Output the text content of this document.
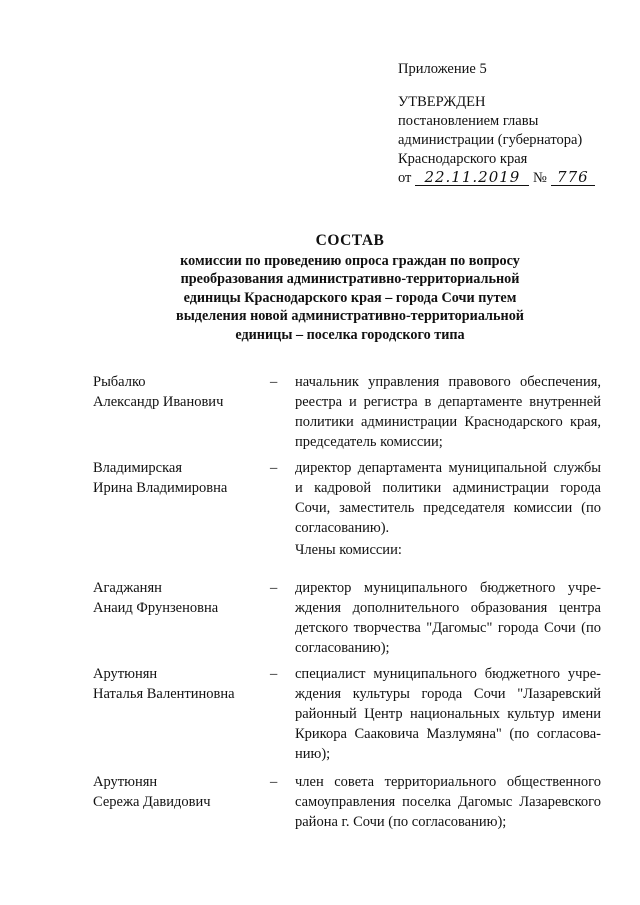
Приложение 5
УТВЕРЖДЕН
постановлением главы
администрации (губернатора)
Краснодарского края
от 22.11.2019 № 776
СОСТАВ
комиссии по проведению опроса граждан по вопросу
преобразования административно-территориальной
единицы Краснодарского края – города Сочи путем
выделения новой административно-территориальной
единицы – поселка городского типа
Рыбалко
Александр Иванович
– начальник управления правового обеспечения,
реестра и регистра в департаменте внутренней
политики администрации Краснодарского края,
председатель комиссии;
Владимирская
Ирина Владимировна
– директор департамента муниципальной службы
и кадровой политики администрации города
Сочи, заместитель председателя комиссии (по
согласованию).
Члены комиссии:
Агаджанян
Анаид Фрунзеновна
– директор муниципального бюджетного учре-
ждения дополнительного образования центра
детского творчества "Дагомыс" города Сочи (по
согласованию);
Арутюнян
Наталья Валентиновна
– специалист муниципального бюджетного учре-
ждения культуры города Сочи "Лазаревский
районный Центр национальных культур имени
Крикора Сааковича Мазлумяна" (по согласова-
нию);
Арутюнян
Сережа Давидович
– член совета территориального общественного
самоуправления поселка Дагомыс Лазаревского
района г. Сочи (по согласованию);
